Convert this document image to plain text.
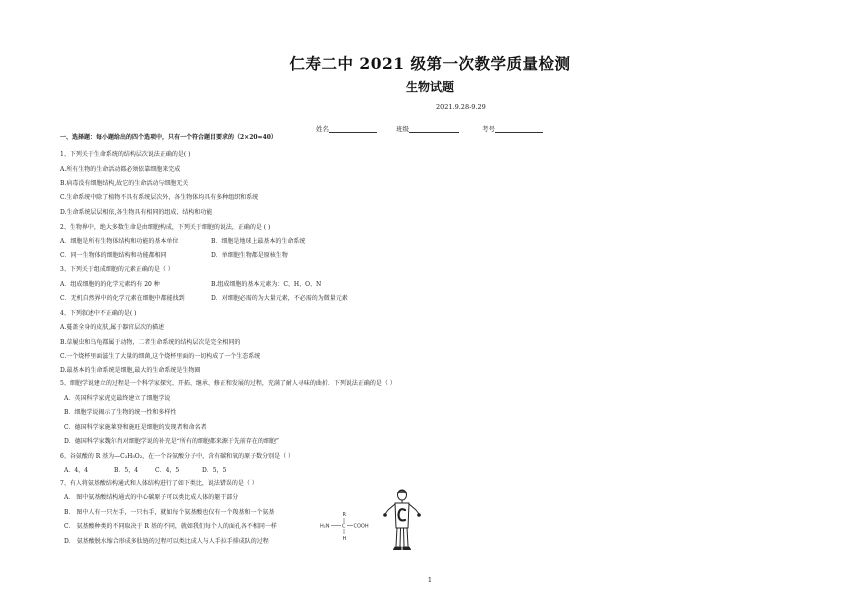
仁寿二中 2021 级第一次教学质量检测
生物试题
2021.9.28-9.29
姓名	班级	考号
一、选择题：每小题给出的四个选项中，只有一个符合题目要求的（2×20=40）
1、下列关于生命系统的结构层次说法正确的是( )
A.所有生物的生命活动都必须依靠细胞来完成
B.病毒没有细胞结构,故它的生命活动与细胞无关
C.生命系统中除了植物不具有系统层次外，各生物体均具有多种组织和系统
D.生命系统层层相依,各生物具有相同的组成、结构和功能
2、生物界中，绝大多数生命是由细胞构成，下列关于细胞的说法，正确的是 ( )
A．细胞是所有生物体结构和功能的基本单位	B．细胞是地球上最基本的生命系统
C．同一生物体的细胞结构和功能都相同	D．单细胞生物都是原核生物
3、下列关于组成细胞的元素正确的是（ ）
A．组成细胞的的化学元素约有 20 种	B.组成细胞的基本元素为：C、H、O、N
C．无机自然界中的化学元素在细胞中都能找到	D．对细胞必需的为大量元素，不必需的为微量元素
4、下列叙述中不正确的是( )
A.蔓盖全身的皮肤,属于器官层次的描述
B.草履虫和乌龟都属于动物，二者生命系统的结构层次是完全相同的
C.一个烧杯里面滋生了大量的细菌,这个烧杯里面的一切构成了一个生态系统
D.最基本的生命系统是细胞,最大的生命系统是生物圈
5、细胞学说建立的过程是一个科学家探究、开拓、继承、修正和发展的过程，充满了耐人寻味的曲折．下列说法正确的是（ ）
A．英国科学家虎克最终建立了细胞学说
B．细胞学说揭示了生物的统一性和多样性
C．德国科学家施莱登和施旺是细胞的发现者和命名者
D．德国科学家魏尔肖对细胞学说的补充是“所有的细胞都来源于先前存在的细胞”
6、谷氨酸的 R 基为—C₃H₅O₂，在一个谷氨酸分子中，含有碳和氧的原子数分别是（ ）
A．4，4	B．5，4	C．4，5	D．5，5
7、有人将氨基酸结构通式和人体结构进行了如下类比，说法错误的是（ ）
A． 图中氨基酸结构通式的中心碳原子可以类比成人体的躯干部分
B． 图中人有一只左手，一只右手，就如每个氨基酸也仅有一个羧基和一个氨基
C． 氨基酸种类的不同取决于 R 基的不同，就如我们每个人的面孔各不相同一样
D． 氨基酸脱水缩合形成多肽链的过程可以类比成人与人手拉手排成队的过程
R
H₂N C COOH
H
1
